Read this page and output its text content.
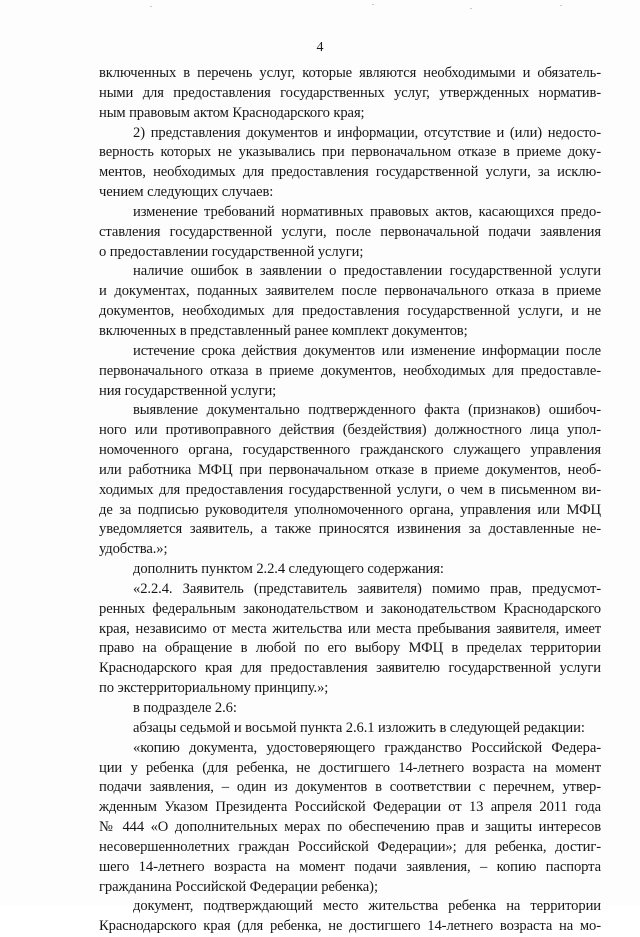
4
включенных в перечень услуг, которые являются необходимыми и обязатель-
ными для предоставления государственных услуг, утвержденных норматив-
ным правовым актом Краснодарского края;
2) представления документов и информации, отсутствие и (или) недосто-
верность которых не указывались при первоначальном отказе в приеме доку-
ментов, необходимых для предоставления государственной услуги, за исклю-
чением следующих случаев:
изменение требований нормативных правовых актов, касающихся предо-
ставления государственной услуги, после первоначальной подачи заявления
о предоставлении государственной услуги;
наличие ошибок в заявлении о предоставлении государственной услуги
и документах, поданных заявителем после первоначального отказа в приеме
документов, необходимых для предоставления государственной услуги, и не
включенных в представленный ранее комплект документов;
истечение срока действия документов или изменение информации после
первоначального отказа в приеме документов, необходимых для предоставле-
ния государственной услуги;
выявление документально подтвержденного факта (признаков) ошибоч-
ного или противоправного действия (бездействия) должностного лица упол-
номоченного органа, государственного гражданского служащего управления
или работника МФЦ при первоначальном отказе в приеме документов, необ-
ходимых для предоставления государственной услуги, о чем в письменном ви-
де за подписью руководителя уполномоченного органа, управления или МФЦ
уведомляется заявитель, а также приносятся извинения за доставленные не-
удобства.»;
дополнить пунктом 2.2.4 следующего содержания:
«2.2.4. Заявитель (представитель заявителя) помимо прав, предусмот-
ренных федеральным законодательством и законодательством Краснодарского
края, независимо от места жительства или места пребывания заявителя, имеет
право на обращение в любой по его выбору МФЦ в пределах территории
Краснодарского края для предоставления заявителю государственной услуги
по экстерриториальному принципу.»;
в подразделе 2.6:
абзацы седьмой и восьмой пункта 2.6.1 изложить в следующей редакции:
«копию документа, удостоверяющего гражданство Российской Федера-
ции у ребенка (для ребенка, не достигшего 14-летнего возраста на момент
подачи заявления, – один из документов в соответствии с перечнем, утвер-
жденным Указом Президента Российской Федерации от 13 апреля 2011 года
№ 444 «О дополнительных мерах по обеспечению прав и защиты интересов
несовершеннолетних граждан Российской Федерации»; для ребенка, достиг-
шего 14-летнего возраста на момент подачи заявления, – копию паспорта
гражданина Российской Федерации ребенка);
документ, подтверждающий место жительства ребенка на территории
Краснодарского края (для ребенка, не достигшего 14-летнего возраста на мо-
